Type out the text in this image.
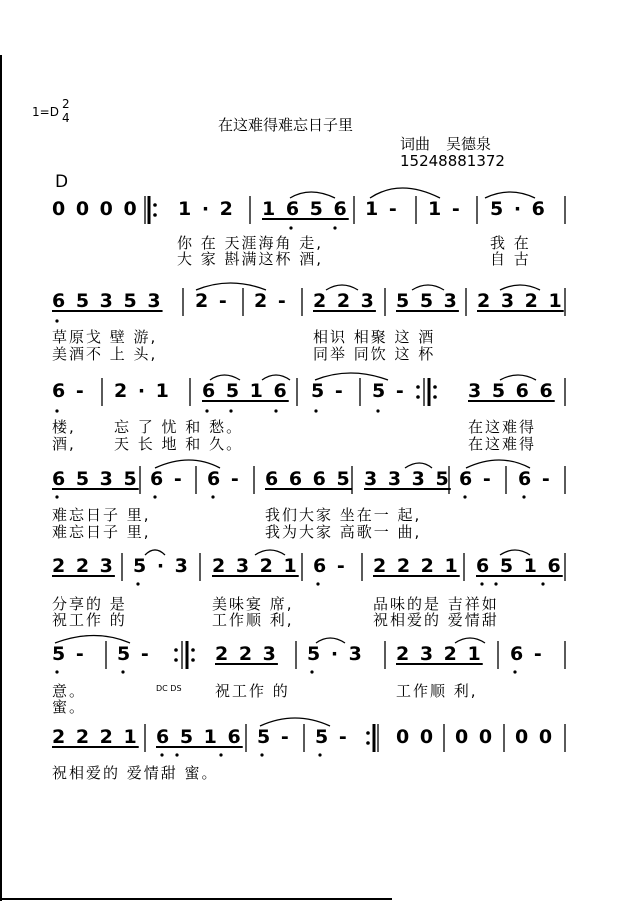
1=D
2
4	在这难得难忘日子里
词曲 吴德泉
15248881372
D
0 0 0 0 1 · 2 1 6 5 6 1 - 1 - 5 · 6
你 在 天涯海角 走,	我 在
大 家 斟满这杯 酒,	自 古
6 5 3 5 3 2 - 2 - 2 2 3 5 5 3 2 3 2 1
草原戈 壁 游,	相识 相聚 这 酒
美酒不 上 头,	同举 同饮 这 杯
6 - 2 · 1 6 5 1 6 5 - 5 -	3 5 6 6
楼,	忘 了 忧 和 愁。	在这难得
酒,	天 长 地 和 久。	在这难得
6 5 3 5 6 - 6 - 6 6 6 5 3 3 3 5 6 - 6 -
难忘日子 里,	我们大家 坐在一 起,
难忘日子 里,	我为大家 高歌一 曲,
2 2 3 5 · 3 2 3 2 1 6 - 2 2 2 1 6 5 1 6
分享的 是	美味宴 席,	品味的是 吉祥如
祝工作 的	工作顺 利,	祝相爱的 爱情甜
5 - 5 -	2 2 3 5 · 3 2 3 2 1 6 -
意。	DC DS 祝工作 的	工作顺 利,
蜜。
2 2 2 1 6 5 1 6 5 - 5 - 0 0 0 0 0 0
祝相爱的 爱情甜 蜜。
